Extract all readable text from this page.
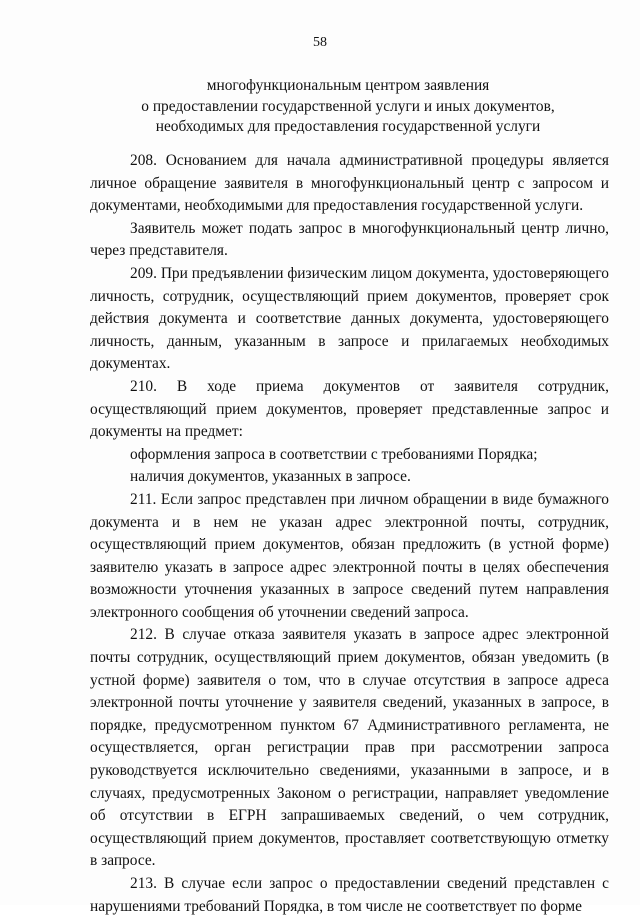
58
многофункциональным центром заявления
о предоставлении государственной услуги и иных документов,
необходимых для предоставления государственной услуги

208. Основанием для начала административной процедуры является личное обращение заявителя в многофункциональный центр с запросом и документами, необходимыми для предоставления государственной услуги.

Заявитель может подать запрос в многофункциональный центр лично, через представителя.

209. При предъявлении физическим лицом документа, удостоверяющего личность, сотрудник, осуществляющий прием документов, проверяет срок действия документа и соответствие данных документа, удостоверяющего личность, данным, указанным в запросе и прилагаемых необходимых документах.

210. В ходе приема документов от заявителя сотрудник, осуществляющий прием документов, проверяет представленные запрос и документы на предмет:

оформления запроса в соответствии с требованиями Порядка;

наличия документов, указанных в запросе.

211. Если запрос представлен при личном обращении в виде бумажного документа и в нем не указан адрес электронной почты, сотрудник, осуществляющий прием документов, обязан предложить (в устной форме) заявителю указать в запросе адрес электронной почты в целях обеспечения возможности уточнения указанных в запросе сведений путем направления электронного сообщения об уточнении сведений запроса.

212. В случае отказа заявителя указать в запросе адрес электронной почты сотрудник, осуществляющий прием документов, обязан уведомить (в устной форме) заявителя о том, что в случае отсутствия в запросе адреса электронной почты уточнение у заявителя сведений, указанных в запросе, в порядке, предусмотренном пунктом 67 Административного регламента, не осуществляется, орган регистрации прав при рассмотрении запроса руководствуется исключительно сведениями, указанными в запросе, и в случаях, предусмотренных Законом о регистрации, направляет уведомление об отсутствии в ЕГРН запрашиваемых сведений, о чем сотрудник, осуществляющий прием документов, проставляет соответствующую отметку в запросе.

213. В случае если запрос о предоставлении сведений представлен с нарушениями требований Порядка, в том числе не соответствует по форме
